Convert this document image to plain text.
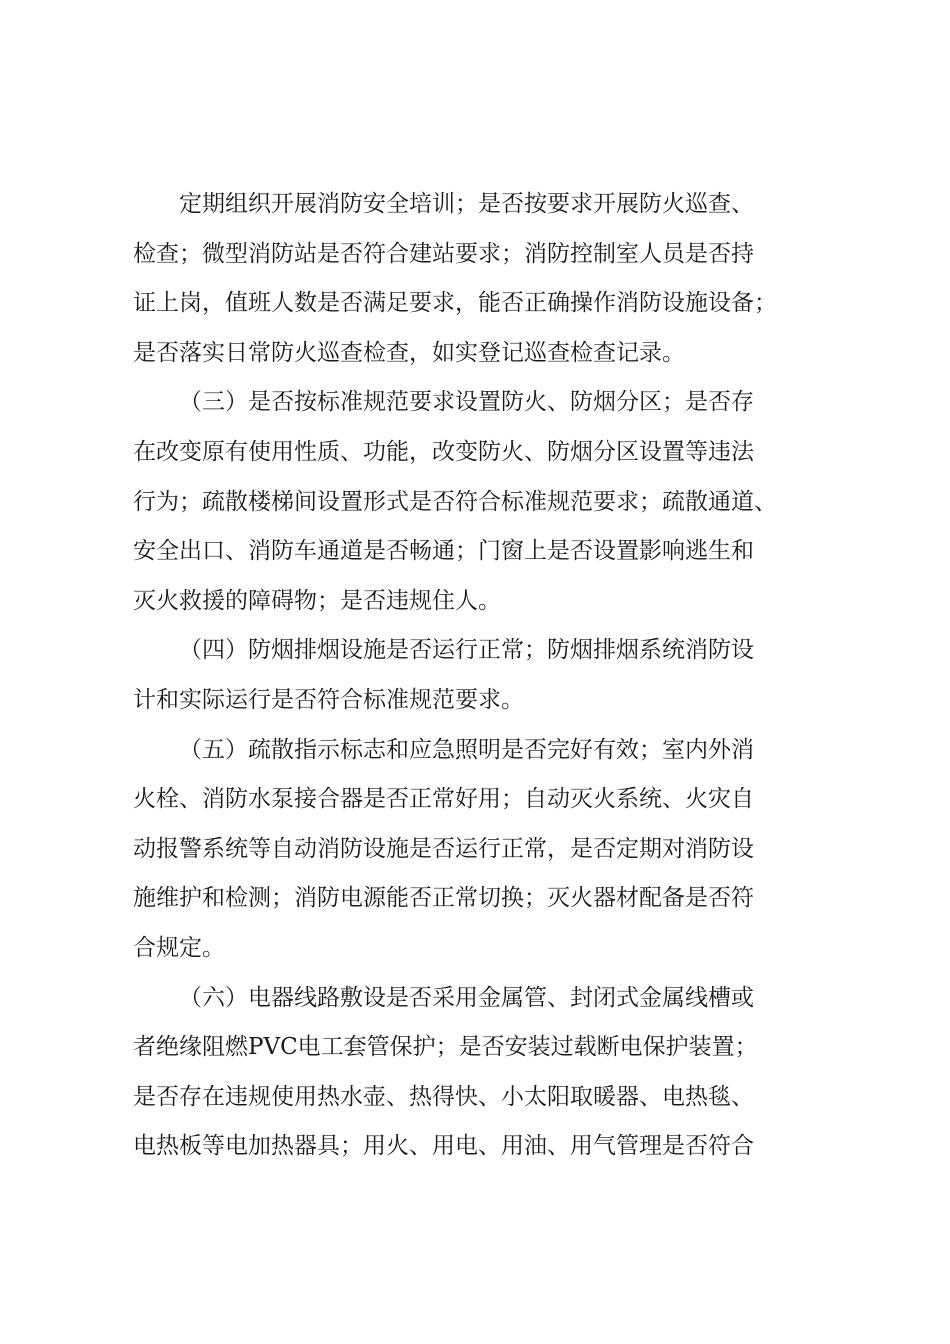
定期组织开展消防安全培训；是否按要求开展防火巡查、
检查；微型消防站是否符合建站要求；消防控制室人员是否持
证上岗，值班人数是否满足要求，能否正确操作消防设施设备；
是否落实日常防火巡查检查，如实登记巡查检查记录。
（三）是否按标准规范要求设置防火、防烟分区；是否存
在改变原有使用性质、功能，改变防火、防烟分区设置等违法
行为；疏散楼梯间设置形式是否符合标准规范要求；疏散通道、
安全出口、消防车通道是否畅通；门窗上是否设置影响逃生和
灭火救援的障碍物；是否违规住人。
（四）防烟排烟设施是否运行正常；防烟排烟系统消防设
计和实际运行是否符合标准规范要求。
（五）疏散指示标志和应急照明是否完好有效；室内外消
火栓、消防水泵接合器是否正常好用；自动灭火系统、火灾自
动报警系统等自动消防设施是否运行正常，是否定期对消防设
施维护和检测；消防电源能否正常切换；灭火器材配备是否符
合规定。
（六）电器线路敷设是否采用金属管、封闭式金属线槽或
者绝缘阻燃PVC电工套管保护；是否安装过载断电保护装置；
是否存在违规使用热水壶、热得快、小太阳取暖器、电热毯、
电热板等电加热器具；用火、用电、用油、用气管理是否符合
